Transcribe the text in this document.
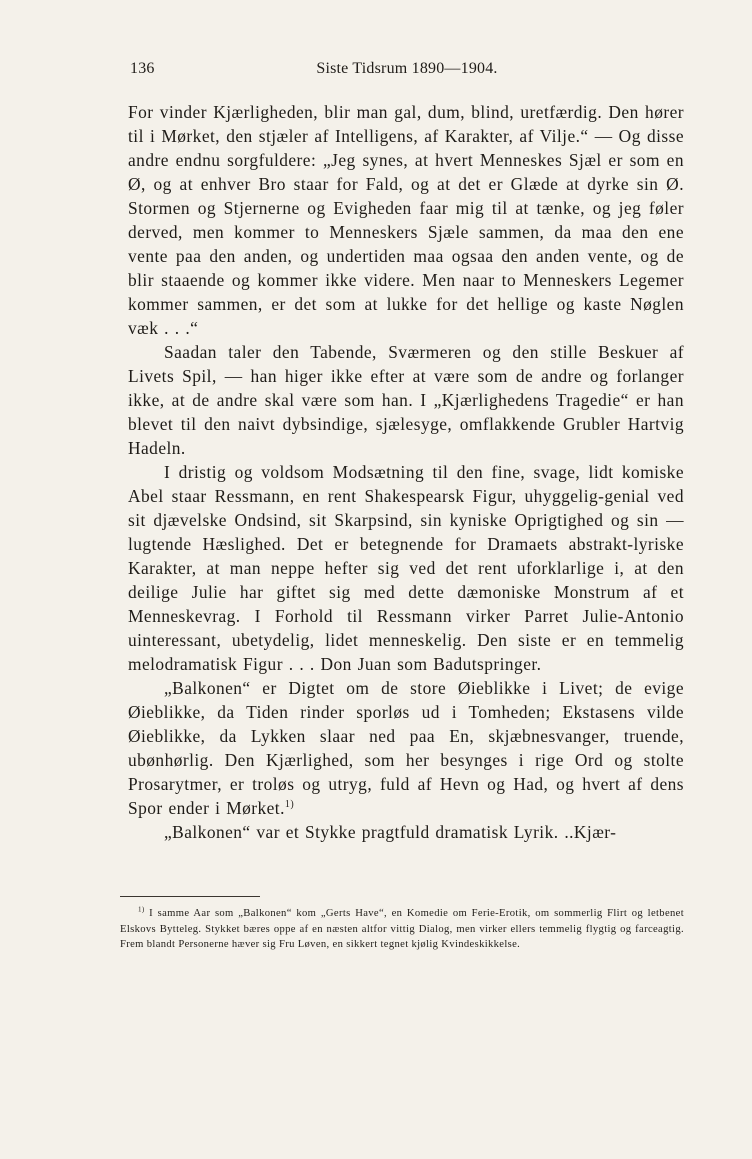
136	Siste Tidsrum 1890—1904.

For vinder Kjærligheden, blir man gal, dum, blind, uretfærdig. Den hører til i Mørket, den stjæler af Intelligens, af Karakter, af Vilje.“ — Og disse andre endnu sorgfuldere: „Jeg synes, at hvert Menneskes Sjæl er som en Ø, og at enhver Bro staar for Fald, og at det er Glæde at dyrke sin Ø. Stormen og Stjernerne og Evigheden faar mig til at tænke, og jeg føler derved, men kommer to Menneskers Sjæle sammen, da maa den ene vente paa den anden, og undertiden maa ogsaa den anden vente, og de blir staaende og kommer ikke videre. Men naar to Menneskers Legemer kommer sammen, er det som at lukke for det hellige og kaste Nøglen væk . . .“

Saadan taler den Tabende, Sværmeren og den stille Beskuer af Livets Spil, — han higer ikke efter at være som de andre og forlanger ikke, at de andre skal være som han. I „Kjærlighedens Tragedie“ er han blevet til den naivt dybsindige, sjælesyge, omflakkende Grubler Hartvig Hadeln.

I dristig og voldsom Modsætning til den fine, svage, lidt komiske Abel staar Ressmann, en rent Shakespearsk Figur, uhyggelig-genial ved sit djævelske Ondsind, sit Skarpsind, sin kyniske Oprigtighed og sin — lugtende Hæslighed. Det er betegnende for Dramaets abstrakt-lyriske Karakter, at man neppe hefter sig ved det rent uforklarlige i, at den deilige Julie har giftet sig med dette dæmoniske Monstrum af et Menneskevrag. I Forhold til Ressmann virker Parret Julie-Antonio uinteressant, ubetydelig, lidet menneskelig. Den siste er en temmelig melodramatisk Figur . . . Don Juan som Badutspringer.

„Balkonen“ er Digtet om de store Øieblikke i Livet; de evige Øieblikke, da Tiden rinder sporløs ud i Tomheden; Ekstasens vilde Øieblikke, da Lykken slaar ned paa En, skjæbnesvanger, truende, ubønhørlig. Den Kjærlighed, som her besynges i rige Ord og stolte Prosarytmer, er troløs og utryg, fuld af Hevn og Had, og hvert af dens Spor ender i Mørket.$^{1)}$

„Balkonen“ var et Stykke pragtfuld dramatisk Lyrik. ..Kjær-

$^{1)}$ I samme Aar som „Balkonen“ kom „Gerts Have“, en Komedie om Ferie-Erotik, om sommerlig Flirt og letbenet Elskovs Bytteleg. Stykket bæres oppe af en næsten altfor vittig Dialog, men virker ellers temmelig flygtig og farceagtig. Frem blandt Personerne hæver sig Fru Løven, en sikkert tegnet kjølig Kvindeskikkelse.
